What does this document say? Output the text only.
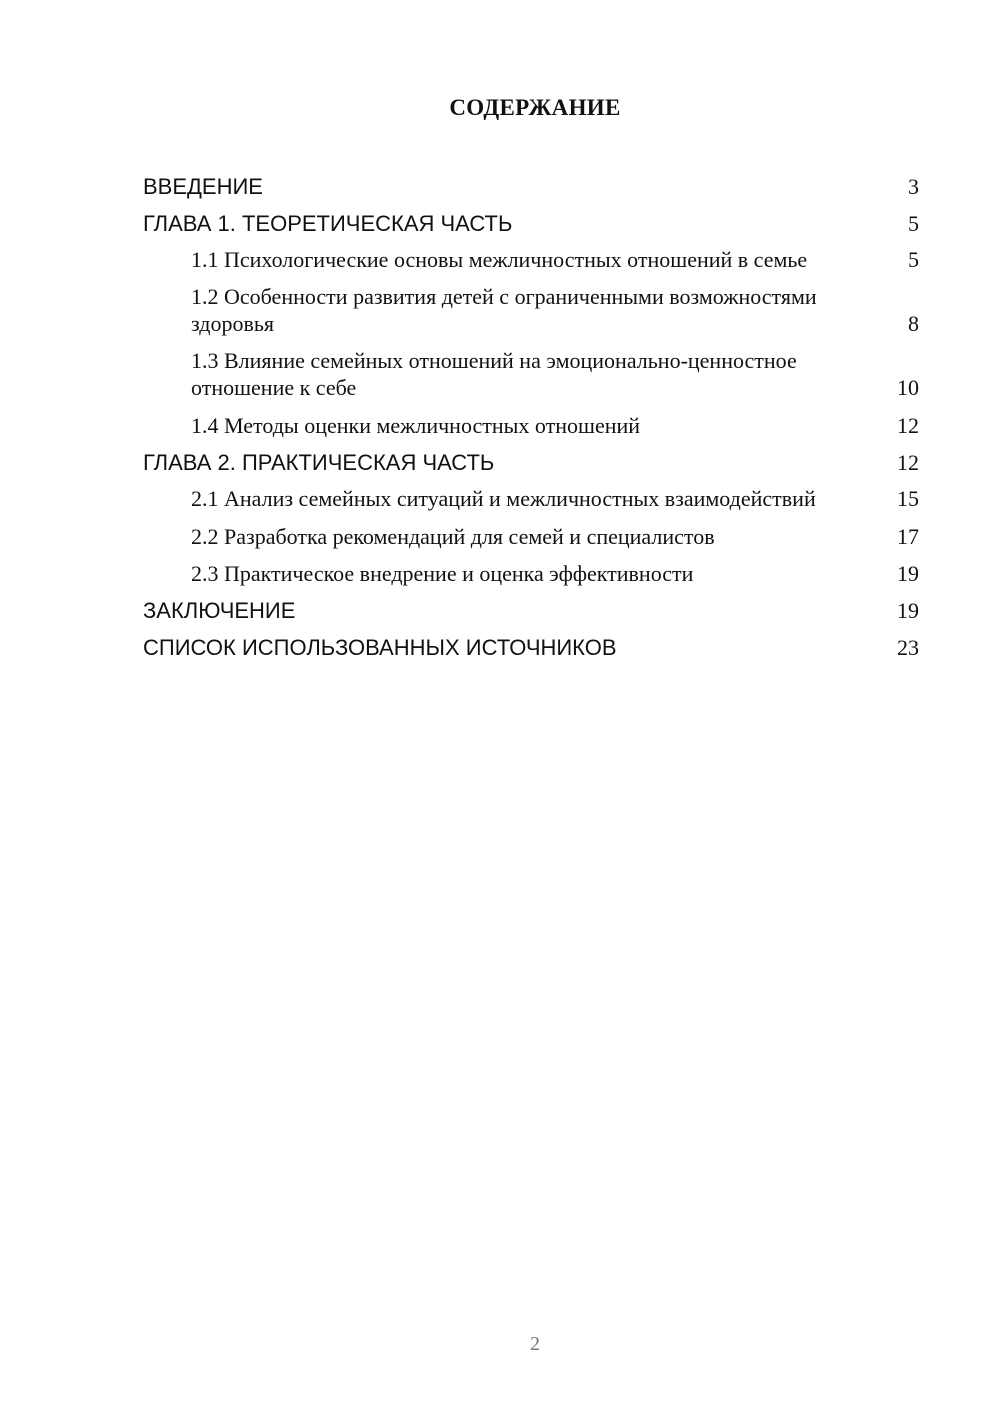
СОДЕРЖАНИЕ
ВВЕДЕНИЕ	3
ГЛАВА 1. ТЕОРЕТИЧЕСКАЯ ЧАСТЬ	5
1.1 Психологические основы межличностных отношений в семье	5
1.2 Особенности развития детей с ограниченными возможностями здоровья	8
1.3 Влияние семейных отношений на эмоционально-ценностное отношение к себе	10
1.4 Методы оценки межличностных отношений	12
ГЛАВА 2. ПРАКТИЧЕСКАЯ ЧАСТЬ	12
2.1 Анализ семейных ситуаций и межличностных взаимодействий	15
2.2 Разработка рекомендаций для семей и специалистов	17
2.3 Практическое внедрение и оценка эффективности	19
ЗАКЛЮЧЕНИЕ	19
СПИСОК ИСПОЛЬЗОВАННЫХ ИСТОЧНИКОВ	23
2
